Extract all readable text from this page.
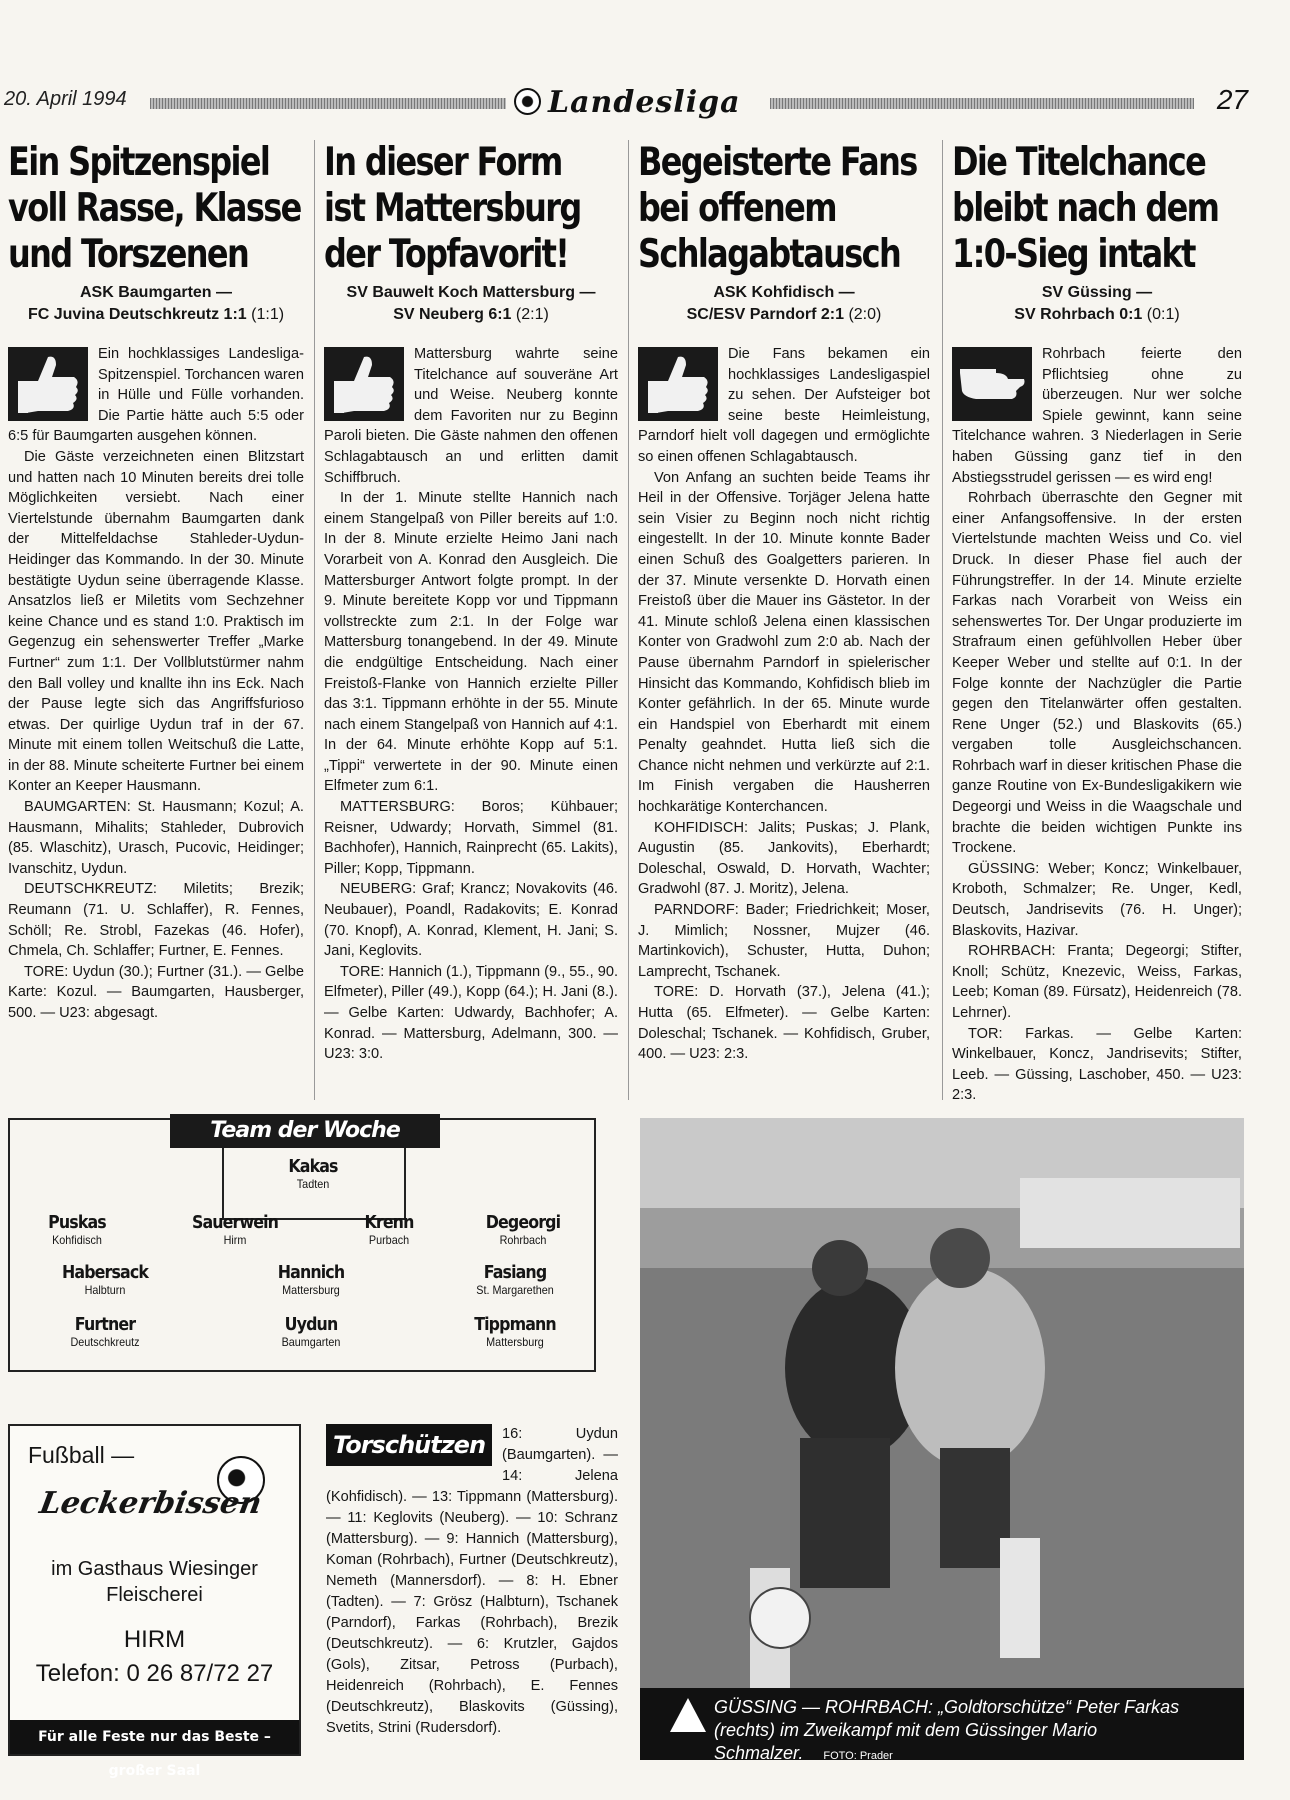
20. April 1994	Landesliga	27
Ein Spitzenspiel
voll Rasse, Klasse
und Torszenen
ASK Baumgarten —
FC Juvina Deutschkreutz 1:1 (1:1)

Ein hochklassiges Landesliga-Spitzenspiel. Torchancen waren in Hülle und Fülle vorhanden. Die Partie hätte auch 5:5 oder 6:5 für Baumgarten ausgehen können.

Die Gäste verzeichneten einen Blitzstart und hatten nach 10 Minuten bereits drei tolle Möglichkeiten versiebt. Nach einer Viertelstunde übernahm Baumgarten dank der Mittelfeldachse Stahleder-Uydun-Heidinger das Kommando. In der 30. Minute bestätigte Uydun seine überragende Klasse. Ansatzlos ließ er Miletits vom Sechzehner keine Chance und es stand 1:0. Praktisch im Gegenzug ein sehenswerter Treffer „Marke Furtner“ zum 1:1. Der Vollblutstürmer nahm den Ball volley und knallte ihn ins Eck. Nach der Pause legte sich das Angriffsfurioso etwas. Der quirlige Uydun traf in der 67. Minute mit einem tollen Weitschuß die Latte, in der 88. Minute scheiterte Furtner bei einem Konter an Keeper Hausmann.

BAUMGARTEN: St. Hausmann; Kozul; A. Hausmann, Mihalits; Stahleder, Dubrovich (85. Wlaschitz), Urasch, Pucovic, Heidinger; Ivanschitz, Uydun.

DEUTSCHKREUTZ: Miletits; Brezik; Reumann (71. U. Schlaffer), R. Fennes, Schöll; Re. Strobl, Fazekas (46. Hofer), Chmela, Ch. Schlaffer; Furtner, E. Fennes.

TORE: Uydun (30.); Furtner (31.). — Gelbe Karte: Kozul. — Baumgarten, Hausberger, 500. — U23: abgesagt.

In dieser Form
ist Mattersburg
der Topfavorit!
SV Bauwelt Koch Mattersburg —
SV Neuberg 6:1 (2:1)

Mattersburg wahrte seine Titelchance auf souveräne Art und Weise. Neuberg konnte dem Favoriten nur zu Beginn Paroli bieten. Die Gäste nahmen den offenen Schlagabtausch an und erlitten damit Schiffbruch.

In der 1. Minute stellte Hannich nach einem Stangelpaß von Piller bereits auf 1:0. In der 8. Minute erzielte Heimo Jani nach Vorarbeit von A. Konrad den Ausgleich. Die Mattersburger Antwort folgte prompt. In der 9. Minute bereitete Kopp vor und Tippmann vollstreckte zum 2:1. In der Folge war Mattersburg tonangebend. In der 49. Minute die endgültige Entscheidung. Nach einer Freistoß-Flanke von Hannich erzielte Piller das 3:1. Tippmann erhöhte in der 55. Minute nach einem Stangelpaß von Hannich auf 4:1. In der 64. Minute erhöhte Kopp auf 5:1. „Tippi“ verwertete in der 90. Minute einen Elfmeter zum 6:1.

MATTERSBURG: Boros; Kühbauer; Reisner, Udwardy; Horvath, Simmel (81. Bachhofer), Hannich, Rainprecht (65. Lakits), Piller; Kopp, Tippmann.

NEUBERG: Graf; Krancz; Novakovits (46. Neubauer), Poandl, Radakovits; E. Konrad (70. Knopf), A. Konrad, Klement, H. Jani; S. Jani, Keglovits.

TORE: Hannich (1.), Tippmann (9., 55., 90. Elfmeter), Piller (49.), Kopp (64.); H. Jani (8.). — Gelbe Karten: Udwardy, Bachhofer; A. Konrad. — Mattersburg, Adelmann, 300. — U23: 3:0.

Begeisterte Fans
bei offenem
Schlagabtausch
ASK Kohfidisch —
SC/ESV Parndorf 2:1 (2:0)

Die Fans bekamen ein hochklassiges Landesligaspiel zu sehen. Der Aufsteiger bot seine beste Heimleistung, Parndorf hielt voll dagegen und ermöglichte so einen offenen Schlagabtausch.

Von Anfang an suchten beide Teams ihr Heil in der Offensive. Torjäger Jelena hatte sein Visier zu Beginn noch nicht richtig eingestellt. In der 10. Minute konnte Bader einen Schuß des Goalgetters parieren. In der 37. Minute versenkte D. Horvath einen Freistoß über die Mauer ins Gästetor. In der 41. Minute schloß Jelena einen klassischen Konter von Gradwohl zum 2:0 ab. Nach der Pause übernahm Parndorf in spielerischer Hinsicht das Kommando, Kohfidisch blieb im Konter gefährlich. In der 65. Minute wurde ein Handspiel von Eberhardt mit einem Penalty geahndet. Hutta ließ sich die Chance nicht nehmen und verkürzte auf 2:1. Im Finish vergaben die Hausherren hochkarätige Konterchancen.

KOHFIDISCH: Jalits; Puskas; J. Plank, Augustin (85. Jankovits), Eberhardt; Doleschal, Oswald, D. Horvath, Wachter; Gradwohl (87. J. Moritz), Jelena.

PARNDORF: Bader; Friedrichkeit; Moser, J. Mimlich; Nossner, Mujzer (46. Martinkovich), Schuster, Hutta, Duhon; Lamprecht, Tschanek.

TORE: D. Horvath (37.), Jelena (41.); Hutta (65. Elfmeter). — Gelbe Karten: Doleschal; Tschanek. — Kohfidisch, Gruber, 400. — U23: 2:3.

Die Titelchance
bleibt nach dem
1:0-Sieg intakt
SV Güssing —
SV Rohrbach 0:1 (0:1)

Rohrbach feierte den Pflichtsieg ohne zu überzeugen. Nur wer solche Spiele gewinnt, kann seine Titelchance wahren. 3 Niederlagen in Serie haben Güssing ganz tief in den Abstiegsstrudel gerissen — es wird eng!

Rohrbach überraschte den Gegner mit einer Anfangsoffensive. In der ersten Viertelstunde machten Weiss und Co. viel Druck. In dieser Phase fiel auch der Führungstreffer. In der 14. Minute erzielte Farkas nach Vorarbeit von Weiss ein sehenswertes Tor. Der Ungar produzierte im Strafraum einen gefühlvollen Heber über Keeper Weber und stellte auf 0:1. In der Folge konnte der Nachzügler die Partie gegen den Titelanwärter offen gestalten. Rene Unger (52.) und Blaskovits (65.) vergaben tolle Ausgleichschancen. Rohrbach warf in dieser kritischen Phase die ganze Routine von Ex-Bundesligakikern wie Degeorgi und Weiss in die Waagschale und brachte die beiden wichtigen Punkte ins Trockene.

GÜSSING: Weber; Koncz; Winkelbauer, Kroboth, Schmalzer; Re. Unger, Kedl, Deutsch, Jandrisevits (76. H. Unger); Blaskovits, Hazivar.

ROHRBACH: Franta; Degeorgi; Stifter, Knoll; Schütz, Knezevic, Weiss, Farkas, Leeb; Koman (89. Fürsatz), Heidenreich (78. Lehrner).

TOR: Farkas. — Gelbe Karten: Winkelbauer, Koncz, Jandrisevits; Stifter, Leeb. — Güssing, Laschober, 450. — U23: 2:3.

Team der Woche
Kakas
Tadten
Puskas
Kohfidisch
Sauerwein
Hirm
Krenn
Purbach
Degeorgi
Rohrbach
Habersack
Halbturn
Hannich
Mattersburg
Fasiang
St. Margarethen
Furtner
Deutschkreutz
Uydun
Baumgarten
Tippmann
Mattersburg
Fußball —
Leckerbissen
im Gasthaus Wiesinger
Fleischerei
HIRM
Telefon: 0 26 87/72 27
Für alle Feste nur das Beste – großer Saal
Torschützen	16: Uydun (Baumgarten). — 14: Jelena (Kohfidisch). — 13: Tippmann (Mattersburg). — 11: Keglovits (Neuberg). — 10: Schranz (Mattersburg). — 9: Hannich (Mattersburg), Koman (Rohrbach), Furtner (Deutschkreutz), Nemeth (Mannersdorf). — 8: H. Ebner (Tadten). — 7: Grösz (Halbturn), Tschanek (Parndorf), Farkas (Rohrbach), Brezik (Deutschkreutz). — 6: Krutzler, Gajdos (Gols), Zitsar, Petross (Purbach), Heidenreich (Rohrbach), E. Fennes (Deutschkreutz), Blaskovits (Güssing), Svetits, Strini (Rudersdorf).
GÜSSING — ROHRBACH: „Goldtorschütze“ Peter Farkas (rechts) im Zweikampf mit dem Güssinger Mario Schmalzer. FOTO: Prader
